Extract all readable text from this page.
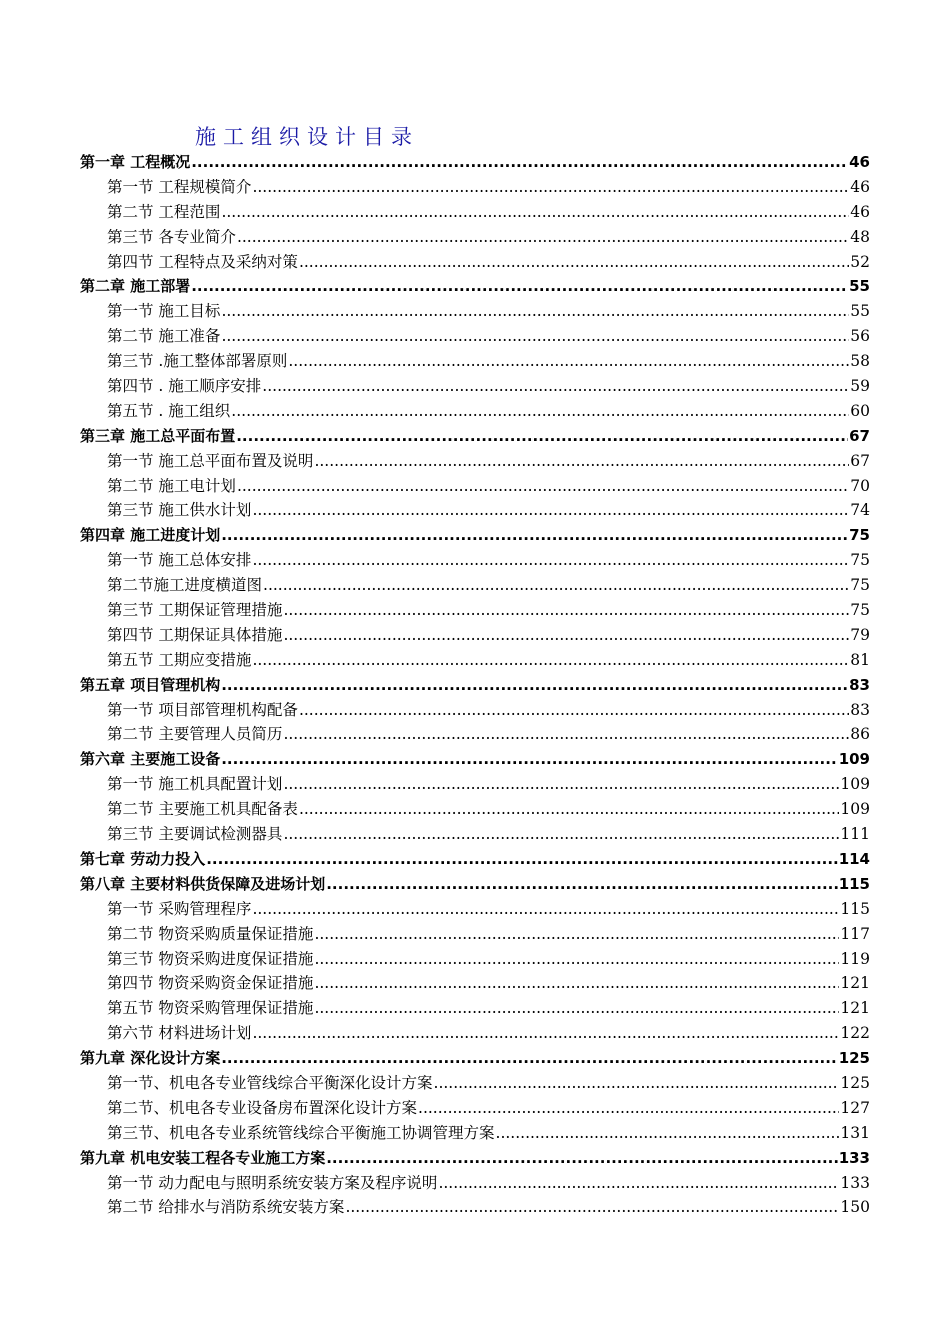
施工组织设计目录
第一章 工程概况 .....	46
第一节 工程规模简介 .....	46
第二节 工程范围 .....	46
第三节 各专业简介 .....	48
第四节 工程特点及采纳对策 .....	52
第二章 施工部署 .....	55
第一节 施工目标 .....	55
第二节 施工准备 .....	56
第三节 .施工整体部署原则 .....	58
第四节 . 施工顺序安排 .....	59
第五节 . 施工组织 .....	60
第三章 施工总平面布置 .....	67
第一节 施工总平面布置及说明 .....	67
第二节 施工电计划 .....	70
第三节 施工供水计划 .....	74
第四章 施工进度计划 .....	75
第一节 施工总体安排 .....	75
第二节施工进度横道图 .....	75
第三节 工期保证管理措施 .....	75
第四节 工期保证具体措施 .....	79
第五节 工期应变措施 .....	81
第五章 项目管理机构 .....	83
第一节 项目部管理机构配备 .....	83
第二节 主要管理人员简历 .....	86
第六章 主要施工设备 .....	109
第一节 施工机具配置计划 .....	109
第二节 主要施工机具配备表 .....	109
第三节 主要调试检测器具 .....	111
第七章 劳动力投入 .....	114
第八章 主要材料供货保障及进场计划 .....	115
第一节 采购管理程序 .....	115
第二节 物资采购质量保证措施 .....	117
第三节 物资采购进度保证措施 .....	119
第四节 物资采购资金保证措施 .....	121
第五节 物资采购管理保证措施 .....	121
第六节 材料进场计划 .....	122
第九章 深化设计方案 .....	125
第一节、机电各专业管线综合平衡深化设计方案 .....	125
第二节、机电各专业设备房布置深化设计方案 .....	127
第三节、机电各专业系统管线综合平衡施工协调管理方案 .....	131
第九章 机电安装工程各专业施工方案 .....	133
第一节 动力配电与照明系统安装方案及程序说明 .....	133
第二节 给排水与消防系统安装方案 .....	150
